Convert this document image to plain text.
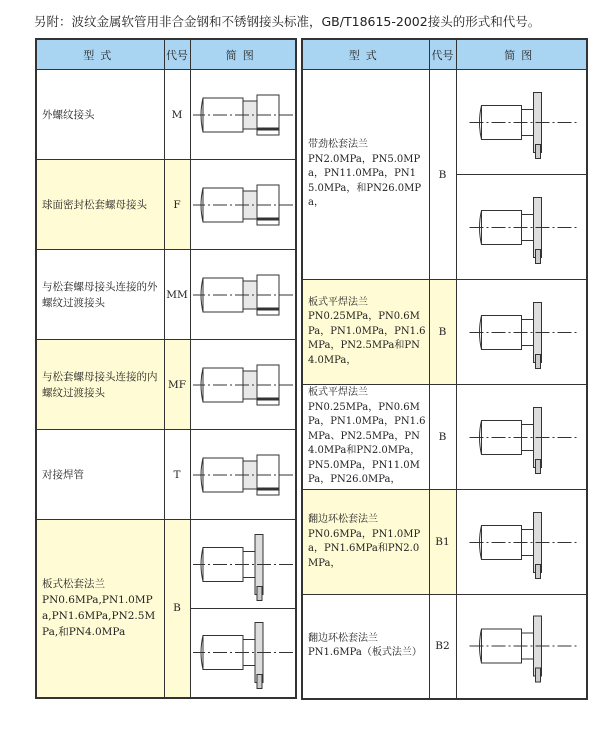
另附：波纹金属软管用非合金钢和不锈钢接头标准，GB/T18615-2002接头的形式和代号。
型式	代号	简图

外螺纹接头	M	

球面密封松套螺母接头	F	

与松套螺母接头连接的外螺纹过渡接头	MM	

与松套螺母接头连接的内螺纹过渡接头	MF	

对接焊管	T	

板式松套法兰
PN0.6MPa,PN1.0MPa,PN1.6MPa,PN2.5MPa,和PN4.0MPa	B	

型式	代号	简图

带劲松套法兰
PN2.0MPa，PN5.0MPa，PN11.0MPa，PN15.0MPa，和PN26.0MPa，	B	

板式平焊法兰
PN0.25MPa，PN0.6MPa，PN1.0MPa，PN1.6MPa，PN2.5MPa和PN4.0MPa，	B	

板式平焊法兰
PN0.25MPa，PN0.6MPa，PN1.0MPa，PN1.6MPa、PN2.5MPa，PN4.0MPa和PN2.0MPa，PN5.0MPa，PN11.0MPa，PN26.0MPa，	B	

翻边环松套法兰
PN0.6MPa，PN1.0MPa，PN1.6MPa和PN2.0MPa，	B1	

翻边环松套法兰
PN1.6MPa（板式法兰）	B2	
